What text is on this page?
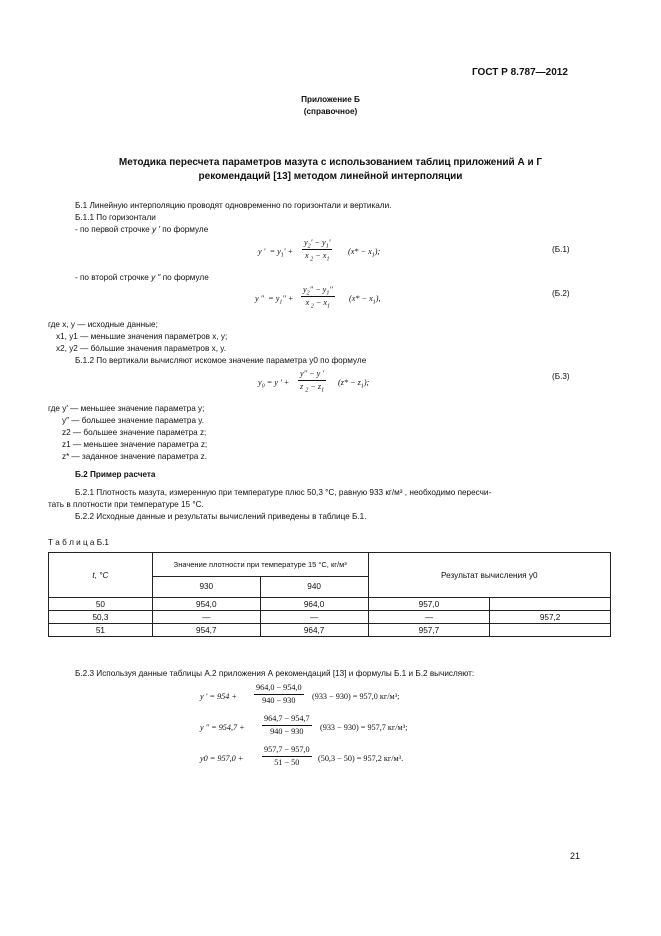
ГОСТ Р 8.787—2012
Приложение Б
(справочное)
Методика пересчета параметров мазута с использованием таблиц приложений А и Г
рекомендаций [13] методом линейной интерполяции
Б.1 Линейную интерполяцию проводят одновременно по горизонтали и вертикали.
Б.1.1 По горизонтали
- по первой строчке y ′ по формуле
y ′  = $y_1' + \frac{y_2' - y_1'}{x _2 - x_1} (x* - x_1)$;	(Б.1)
- по второй строчке y ″ по формуле
y ″  = $y_1'' + \frac{y_2'' - y_1''}{x _2 - x_1} (x* - x_1)$,
(Б.2)
где x, y — исходные данные;
x1, y1 — меньшие значения параметров x, y;
x2, y2 — бóльшие значения параметров x, y.
Б.1.2 По вертикали вычисляют искомое значение параметра y0 по формуле
$y_0 = y$ ′ + $\frac{y'' - y '}{z _2 - z_1} (z* - z_1)$;
(Б.3)
где y′ — меньшее значение параметра y;
y″ — большее значение параметра y.
z2 — большее значение параметра z;
z1 — меньшее значение параметра z;
z* — заданное значение параметра z.
Б.2 Пример расчета
Б.2.1 Плотность мазута, измеренную при температуре плюс 50,3 °С, равную 933 кг/м³ , необходимо пересчи-
тать в плотности при температуре 15 °С.
Б.2.2 Исходные данные и результаты вычислений приведены в таблице Б.1.
Т а б л и ц а Б.1
t, °C	Значение плотности при температуре 15 °С, кг/м³		Результат вычисления y0	
	930	940		
50	954,0	964,0	957,0	
50,3	—	—	—	957,2
51	954,7	964,7	957,7	
Б.2.3 Используя данные таблицы А.2 приложения А рекомендаций [13] и формулы Б.1 и Б.2 вычисляют:
y ′ = $954 + \frac{964,0 - 954,0}{940 - 930} (933 - 930) = 957,0$ кг/м³;
y ″ = $954,7 + \frac{964,7 - 954,7}{940 - 930} (933 - 930) = 957,7$ кг/м³;
$y0 = 957,0 + \frac{957,7 - 957,0}{51 - 50} (50,3 - 50) = 957,2$ кг/м³.
21
